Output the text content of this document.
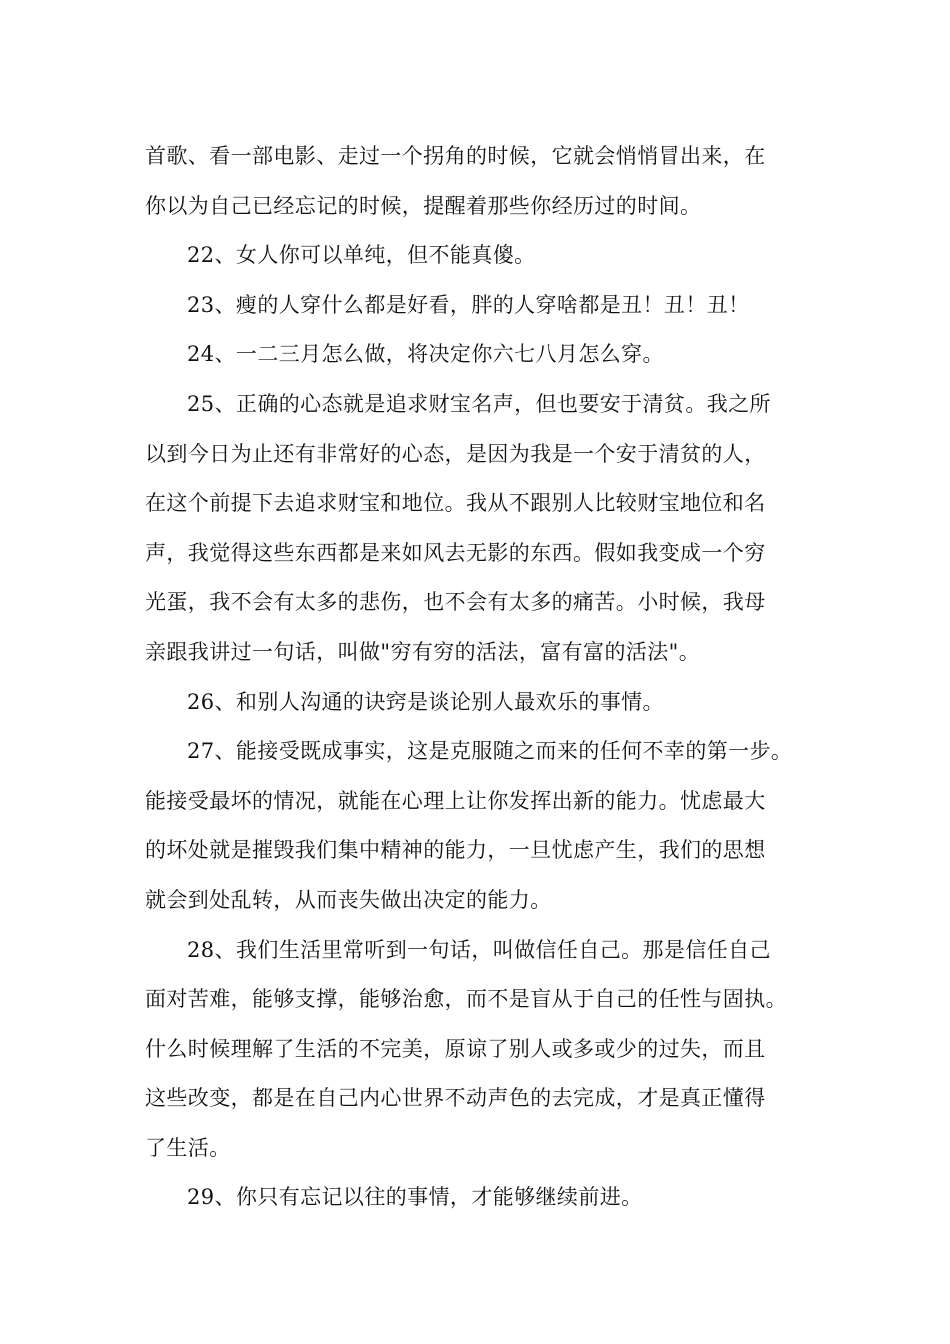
首歌、看一部电影、走过一个拐角的时候，它就会悄悄冒出来，在

你以为自己已经忘记的时候，提醒着那些你经历过的时间。

22、女人你可以单纯，但不能真傻。

23、瘦的人穿什么都是好看，胖的人穿啥都是丑！丑！丑！

24、一二三月怎么做，将决定你六七八月怎么穿。

25、正确的心态就是追求财宝名声，但也要安于清贫。我之所

以到今日为止还有非常好的心态，是因为我是一个安于清贫的人，

在这个前提下去追求财宝和地位。我从不跟别人比较财宝地位和名

声，我觉得这些东西都是来如风去无影的东西。假如我变成一个穷

光蛋，我不会有太多的悲伤，也不会有太多的痛苦。小时候，我母

亲跟我讲过一句话，叫做"穷有穷的活法，富有富的活法"。

26、和别人沟通的诀窍是谈论别人最欢乐的事情。

27、能接受既成事实，这是克服随之而来的任何不幸的第一步。

能接受最坏的情况，就能在心理上让你发挥出新的能力。忧虑最大

的坏处就是摧毁我们集中精神的能力，一旦忧虑产生，我们的思想

就会到处乱转，从而丧失做出决定的能力。

28、我们生活里常听到一句话，叫做信任自己。那是信任自己

面对苦难，能够支撑，能够治愈，而不是盲从于自己的任性与固执。

什么时候理解了生活的不完美，原谅了别人或多或少的过失，而且

这些改变，都是在自己内心世界不动声色的去完成，才是真正懂得

了生活。

29、你只有忘记以往的事情，才能够继续前进。
